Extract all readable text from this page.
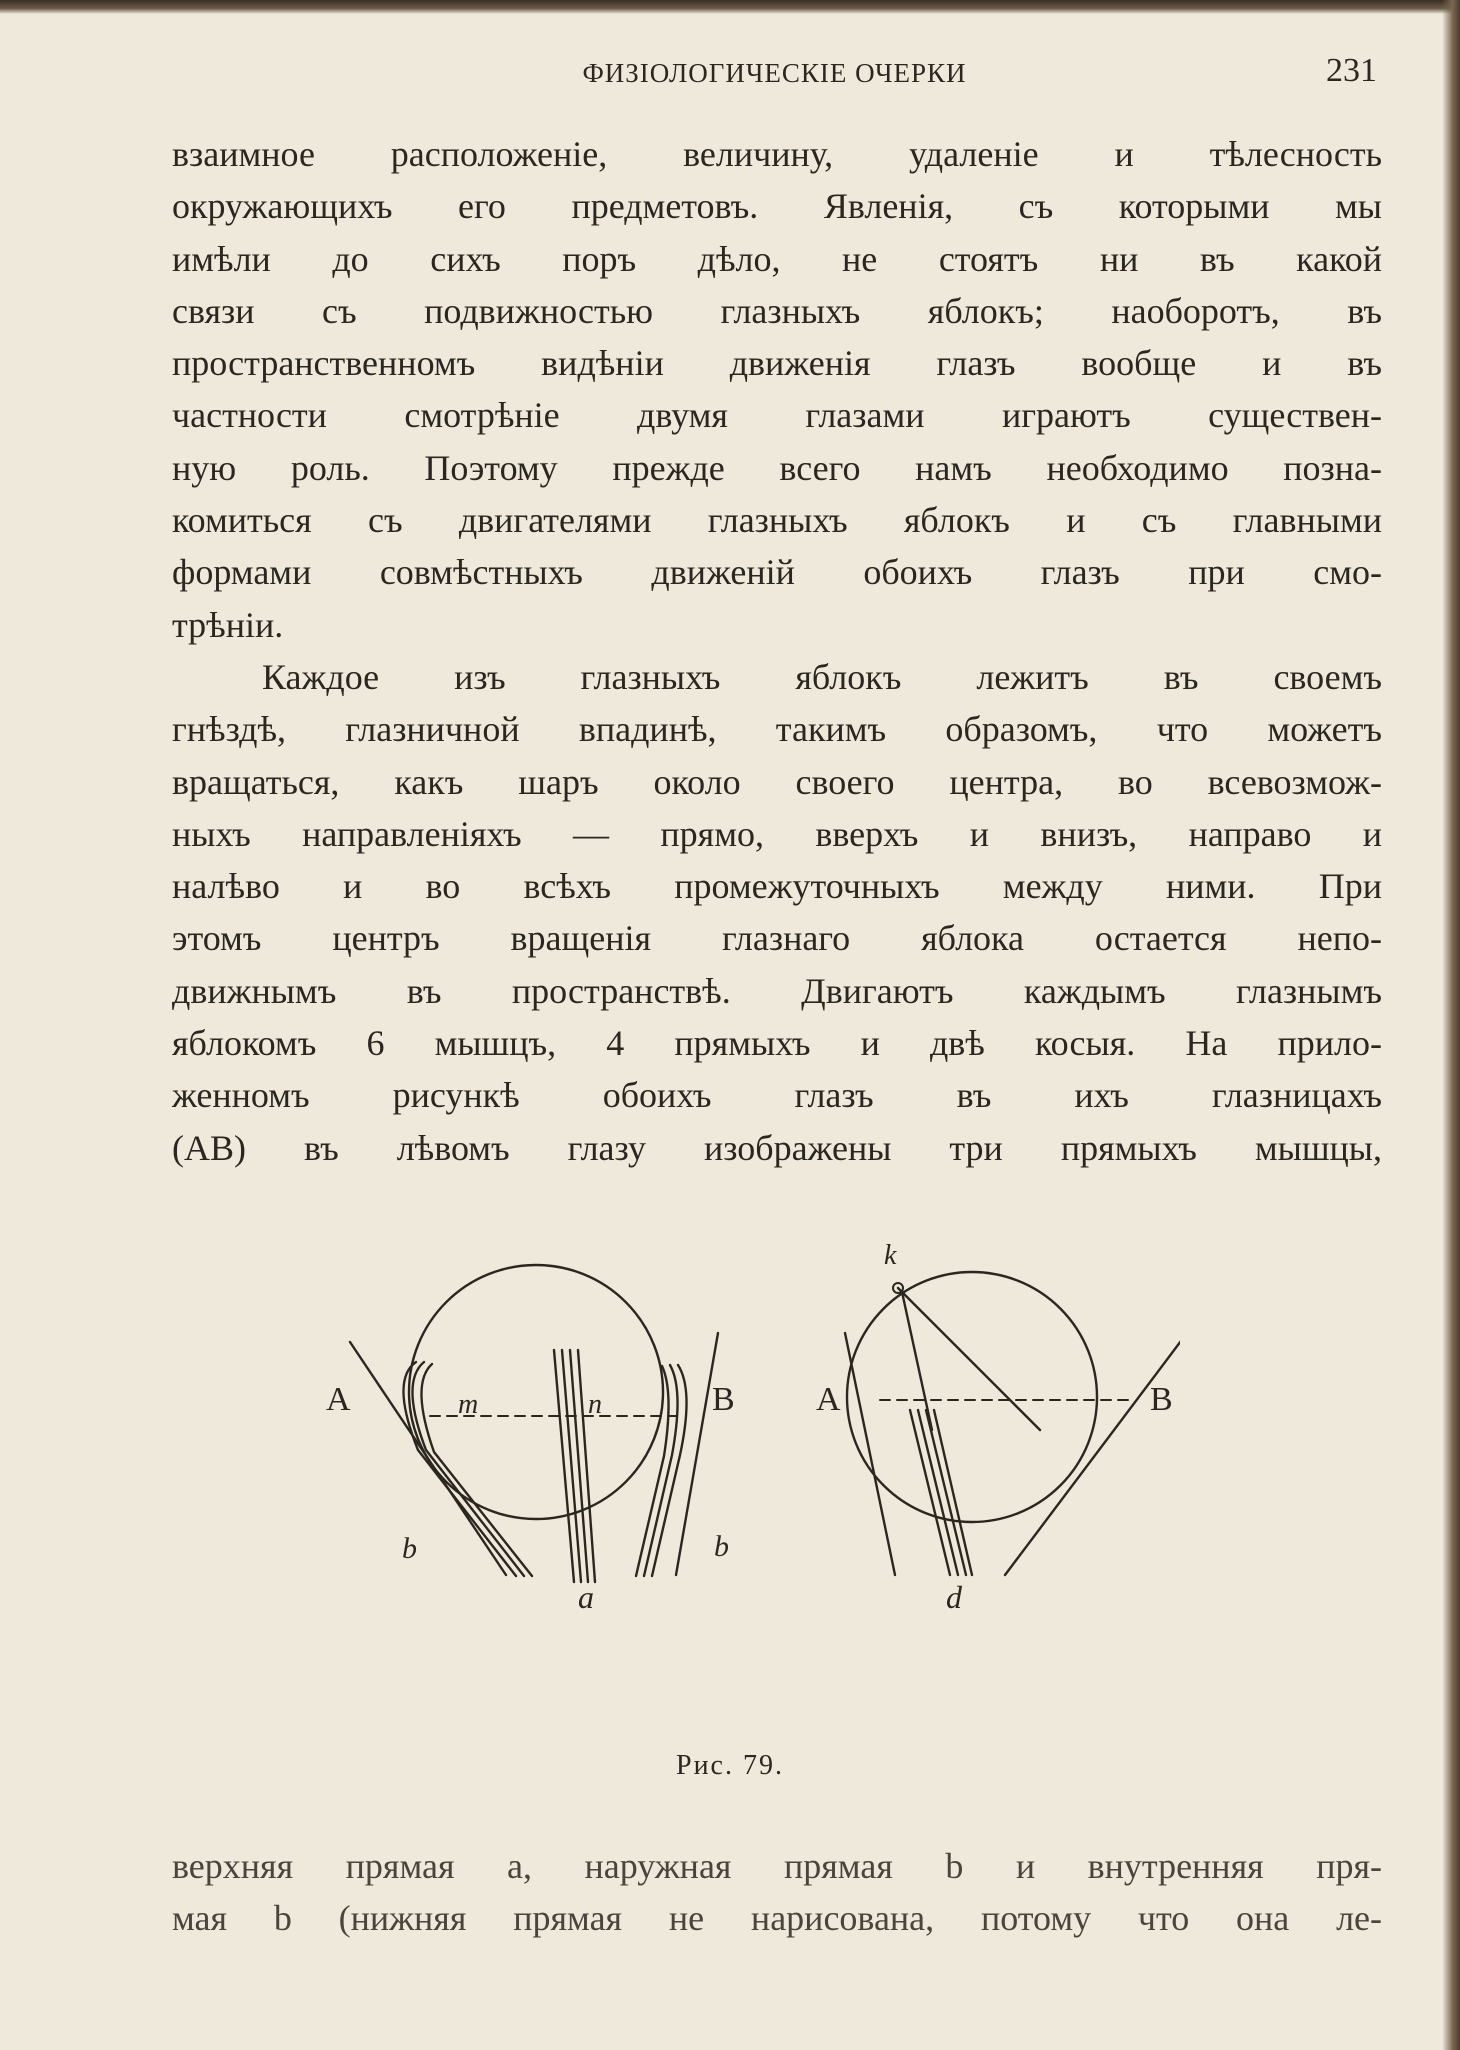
ФИЗІОЛОГИЧЕСКІЕ ОЧЕРКИ	231
взаимное расположеніе, величину, удаленіе и тѣлесность
окружающихъ его предметовъ. Явленія, съ которыми мы
имѣли до сихъ поръ дѣло, не стоятъ ни въ какой
связи съ подвижностью глазныхъ яблокъ; наоборотъ, въ
пространственномъ видѣніи движенія глазъ вообще и въ
частности смотрѣніе двумя глазами играютъ существен-
ную роль. Поэтому прежде всего намъ необходимо позна-
комиться съ двигателями глазныхъ яблокъ и съ главными
формами совмѣстныхъ движеній обоихъ глазъ при смо-
трѣніи.
Каждое изъ глазныхъ яблокъ лежитъ въ своемъ
гнѣздѣ, глазничной впадинѣ, такимъ образомъ, что можетъ
вращаться, какъ шаръ около своего центра, во всевозмож-
ныхъ направленіяхъ — прямо, вверхъ и внизъ, направо и
налѣво и во всѣхъ промежуточныхъ между ними. При
этомъ центръ вращенія глазнаго яблока остается непо-
движнымъ въ пространствѣ. Двигаютъ каждымъ глазнымъ
яблокомъ 6 мышцъ, 4 прямыхъ и двѣ косыя. На прило-
женномъ рисункѣ обоихъ глазъ въ ихъ глазницахъ
(AB) въ лѣвомъ глазу изображены три прямыхъ мышцы,
A	B
m	n
b
a
b
A	B
k
d
Рис. 79.
верхняя прямая a, наружная прямая b и внутренняя пря-
мая b (нижняя прямая не нарисована, потому что она ле-
